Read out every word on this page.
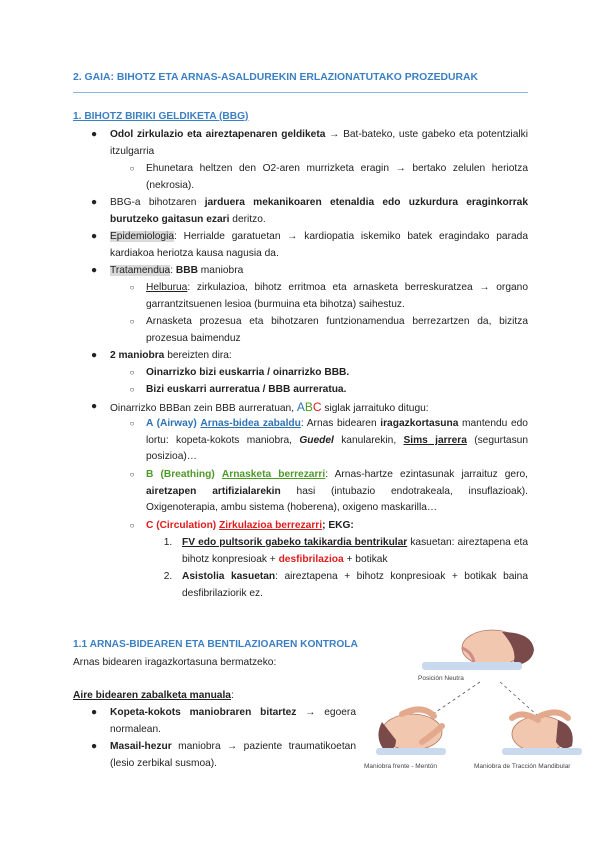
2. GAIA: BIHOTZ ETA ARNAS-ASALDUREKIN ERLAZIONATUTAKO PROZEDURAK
1. BIHOTZ BIRIKI GELDIKETA (BBG)
● Odol zirkulazio eta aireztapenaren geldiketa → Bat-bateko, uste gabeko eta potentzialki itzulgarria

○ Ehunetara heltzen den O2-aren murrizketa eragin → bertako zelulen heriotza (nekrosia).

● BBG-a bihotzaren jarduera mekanikoaren etenaldia edo uzkurdura eraginkorrak burutzeko gaitasun ezari deritzo.

● Epidemiologia: Herrialde garatuetan → kardiopatia iskemiko batek eragindako parada kardiakoa heriotza kausa nagusia da.

● Tratamendua: BBB maniobra

○ Helburua: zirkulazioa, bihotz erritmoa eta arnasketa berreskuratzea → organo garrantzitsuenen lesioa (burmuina eta bihotza) saihestuz.

○ Arnasketa prozesua eta bihotzaren funtzionamendua berrezartzen da, bizitza prozesua baimenduz

● 2 maniobra bereizten dira:

○ Oinarrizko bizi euskarria / oinarrizko BBB.

○ Bizi euskarri aurreratua / BBB aurreratua.

● Oinarrizko BBBan zein BBB aurreratuan, ABC siglak jarraituko ditugu:

○ A (Airway) Arnas-bidea zabaldu: Arnas bidearen iragazkortasuna mantendu edo lortu: kopeta-kokots maniobra, Guedel kanularekin, Sims jarrera (segurtasun posizioa)…

○ B (Breathing) Arnasketa berrezarri: Arnas-hartze ezintasunak jarraituz gero, airetzapen artifizialarekin hasi (intubazio endotrakeala, insuflazioak). Oxigenoterapia, ambu sistema (hoberena), oxigeno maskarilla…

○ C (Circulation) Zirkulazioa berrezarri; EKG:

1. FV edo pultsorik gabeko takikardia bentrikular kasuetan: aireztapena eta bihotz konpresioak + desfibrilazioa + botikak

2. Asistolia kasuetan: aireztapena + bihotz konpresioak + botikak baina desfibrilaziorik ez.

1.1 ARNAS-BIDEAREN ETA BENTILAZIOAREN KONTROLA

Arnas bidearen iragazkortasuna bermatzeko:

Aire bidearen zabalketa manuala:

● Kopeta-kokots maniobraren bitartez → egoera normalean.

● Masail-hezur maniobra → paziente traumatikoetan (lesio zerbikal susmoa).

Posición Neutra
Maniobra frente - Mentón	Maniobra de Tracción Mandibular
